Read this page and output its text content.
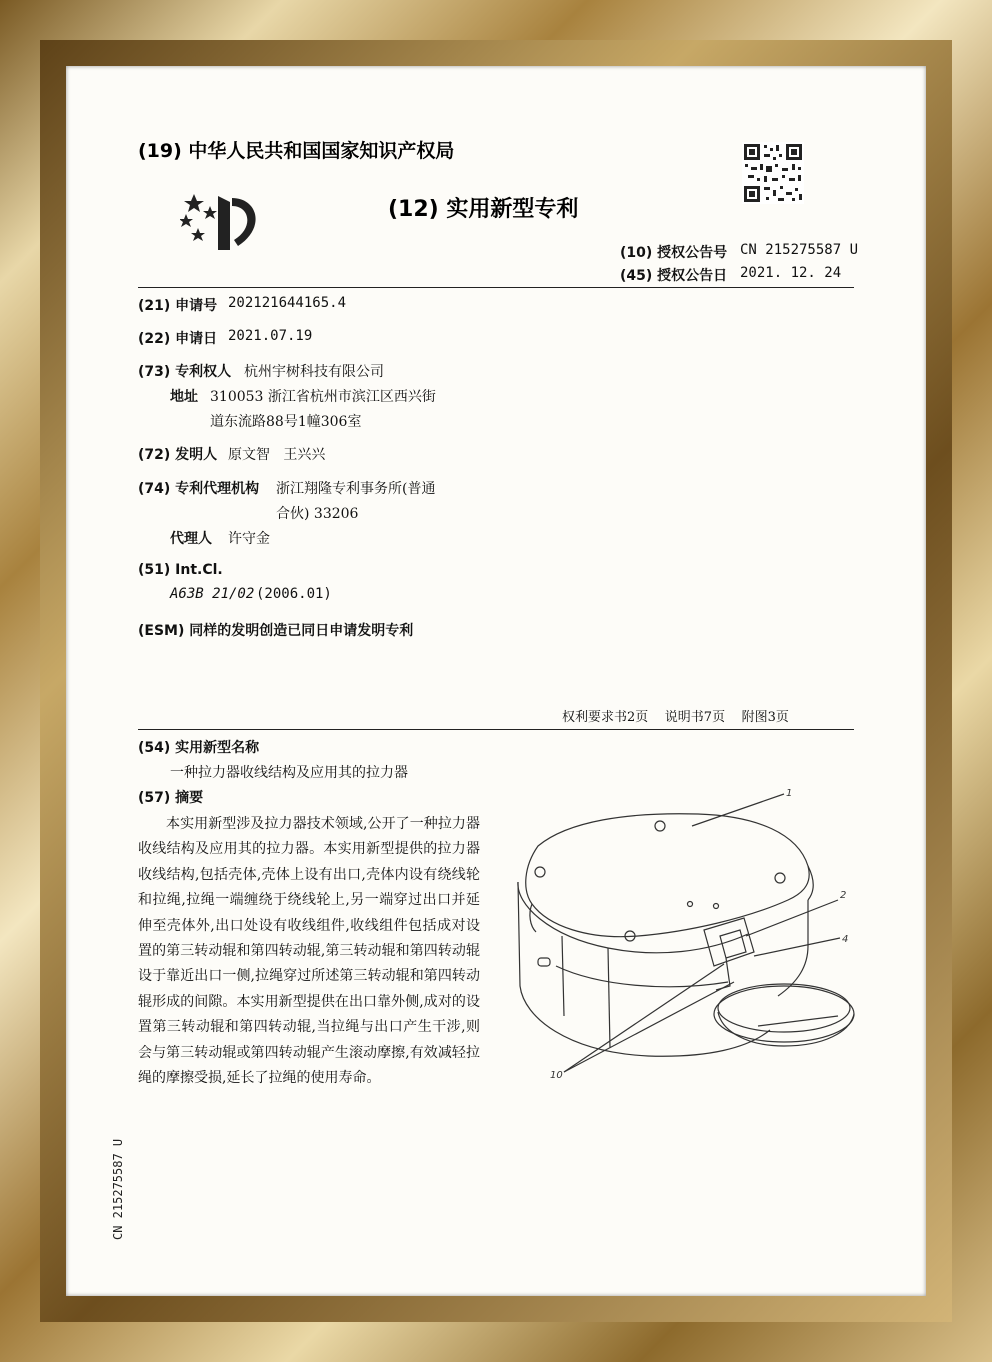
(19) 中华人民共和国国家知识产权局
(12) 实用新型专利
(10) 授权公告号 CN 215275587 U
(45) 授权公告日 2021. 12. 24
(21) 申请号 202121644165.4
(22) 申请日 2021.07.19
(73) 专利权人 杭州宇树科技有限公司
地址 310053 浙江省杭州市滨江区西兴街
道东流路88号1幢306室
(72) 发明人 原文智   王兴兴
(74) 专利代理机构 浙江翔隆专利事务所(普通
合伙) 33206
代理人 许守金
(51) Int.Cl.
A63B 21/02 (2006.01)
(ESM) 同样的发明创造已同日申请发明专利
权利要求书2页    说明书7页    附图3页
(54) 实用新型名称
一种拉力器收线结构及应用其的拉力器
(57) 摘要
本实用新型涉及拉力器技术领域,公开了一种拉力器收线结构及应用其的拉力器。本实用新型提供的拉力器收线结构,包括壳体,壳体上设有出口,壳体内设有绕线轮和拉绳,拉绳一端缠绕于绕线轮上,另一端穿过出口并延伸至壳体外,出口处设有收线组件,收线组件包括成对设置的第三转动辊和第四转动辊,第三转动辊和第四转动辊设于靠近出口一侧,拉绳穿过所述第三转动辊和第四转动辊形成的间隙。本实用新型提供在出口靠外侧,成对的设置第三转动辊和第四转动辊,当拉绳与出口产生干涉,则会与第三转动辊或第四转动辊产生滚动摩擦,有效减轻拉绳的摩擦受损,延长了拉绳的使用寿命。
1
2
4
10
CN 215275587 U
